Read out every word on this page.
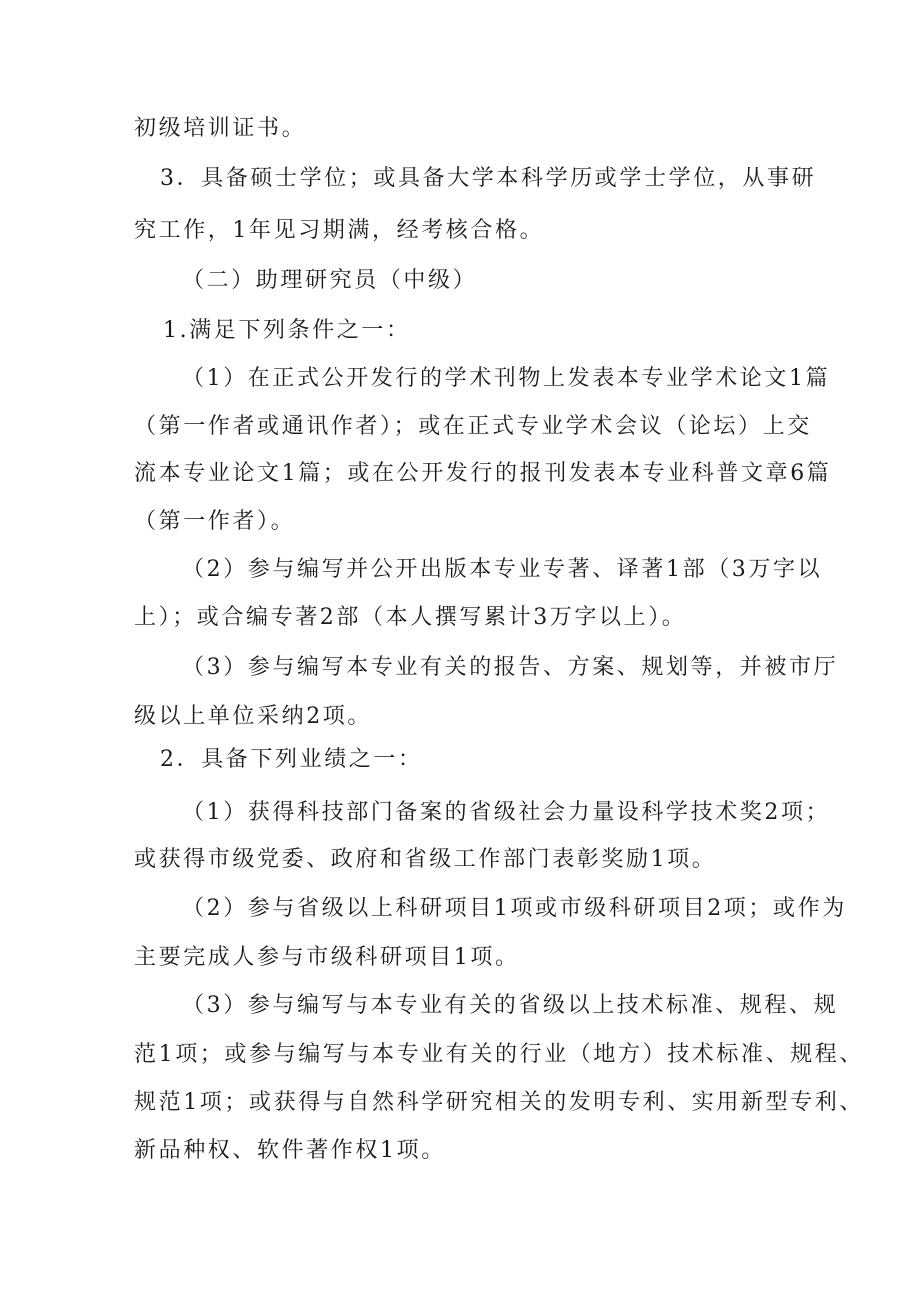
初级培训证书。
3．具备硕士学位；或具备大学本科学历或学士学位，从事研
究工作，1年见习期满，经考核合格。
（二）助理研究员（中级）
1.满足下列条件之一：
（1）在正式公开发行的学术刊物上发表本专业学术论文1篇
（第一作者或通讯作者）；或在正式专业学术会议（论坛）上交
流本专业论文1篇；或在公开发行的报刊发表本专业科普文章6篇
（第一作者）。
（2）参与编写并公开出版本专业专著、译著1部（3万字以
上）；或合编专著2部（本人撰写累计3万字以上）。
（3）参与编写本专业有关的报告、方案、规划等，并被市厅
级以上单位采纳2项。
2．具备下列业绩之一：
（1）获得科技部门备案的省级社会力量设科学技术奖2项；
或获得市级党委、政府和省级工作部门表彰奖励1项。
（2）参与省级以上科研项目1项或市级科研项目2项；或作为
主要完成人参与市级科研项目1项。
（3）参与编写与本专业有关的省级以上技术标准、规程、规
范1项；或参与编写与本专业有关的行业（地方）技术标准、规程、
规范1项；或获得与自然科学研究相关的发明专利、实用新型专利、
新品种权、软件著作权1项。
